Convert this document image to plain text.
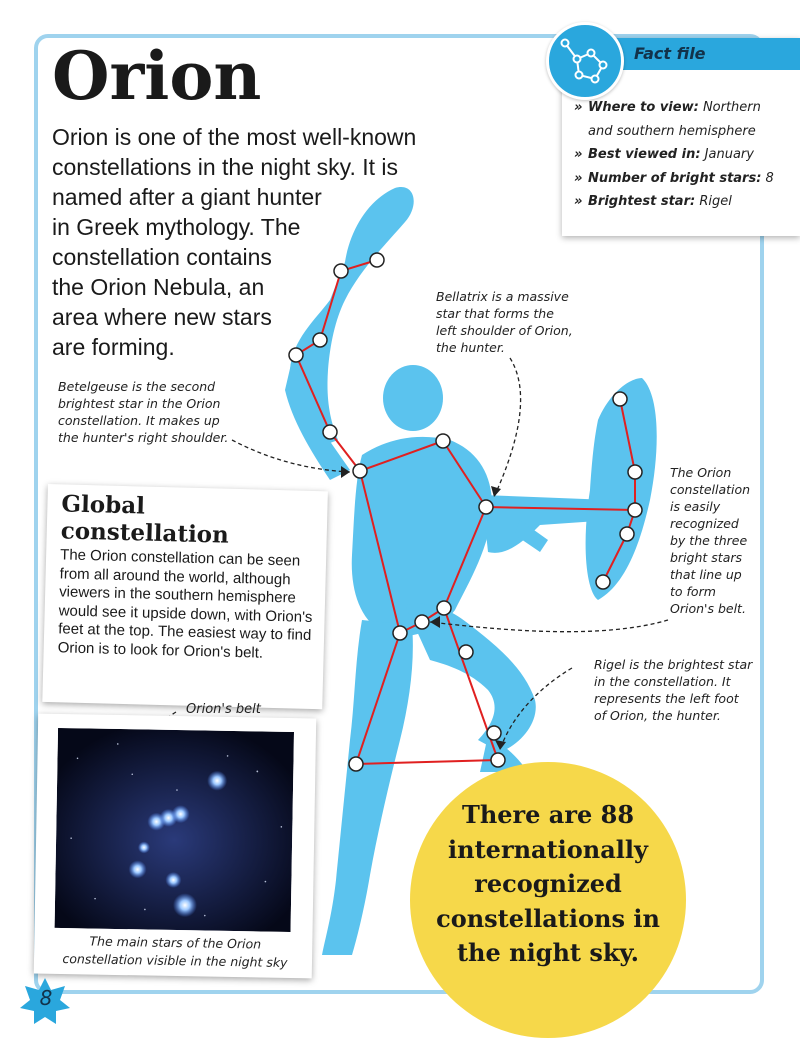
Orion
Orion is one of the most well-known
constellations in the night sky. It is
named after a giant hunter
in Greek mythology. The
constellation contains
the Orion Nebula, an
area where new stars
are forming.
Betelgeuse is the second
brightest star in the Orion
constellation. It makes up
the hunter's right shoulder.
Bellatrix is a massive
star that forms the
left shoulder of Orion,
the hunter.
The Orion
constellation
is easily
recognized
by the three
bright stars
that line up
to form
Orion's belt.
Rigel is the brightest star
in the constellation. It
represents the left foot
of Orion, the hunter.
Fact file
» Where to view: Northern
and southern hemisphere
» Best viewed in: January
» Number of bright stars: 8
» Brightest star: Rigel
Global
constellation

The Orion constellation can be seen from all around the world, although viewers in the southern hemisphere would see it upside down, with Orion's feet at the top. The easiest way to find Orion is to look for Orion's belt.

The main stars of the Orion
constellation visible in the night sky

Orion's belt

There are 88
internationally
recognized
constellations in
the night sky.

8
